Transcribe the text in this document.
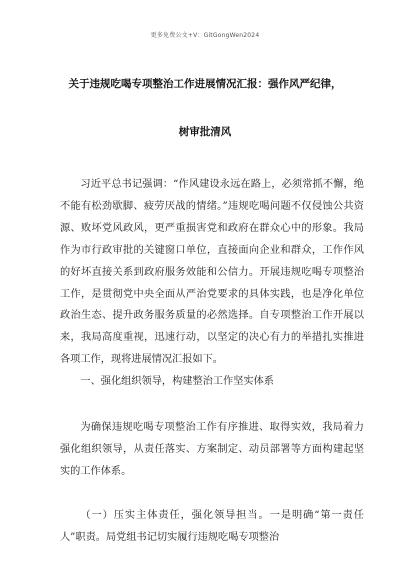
更多免费公文+V：GitGongWen2024
关于违规吃喝专项整治工作进展情况汇报：强作风严纪律，
树审批清风

习近平总书记强调：“作风建设永远在路上，必须常抓不懈，绝不能有松劲歇脚、疲劳厌战的情绪。”违规吃喝问题不仅侵蚀公共资源、败坏党风政风，更严重损害党和政府在群众心中的形象。我局作为市行政审批的关键窗口单位，直接面向企业和群众，工作作风的好坏直接关系到政府服务效能和公信力。开展违规吃喝专项整治工作，是贯彻党中央全面从严治党要求的具体实践，也是净化单位政治生态、提升政务服务质量的必然选择。自专项整治工作开展以来，我局高度重视，迅速行动，以坚定的决心有力的举措扎实推进各项工作，现将进展情况汇报如下。

一、强化组织领导，构建整治工作坚实体系

为确保违规吃喝专项整治工作有序推进、取得实效，我局着力强化组织领导，从责任落实、方案制定、动员部署等方面构建起坚实的工作体系。

（一）压实主体责任，强化领导担当。一是明确“第一责任人”职责。局党组书记切实履行违规吃喝专项整治
